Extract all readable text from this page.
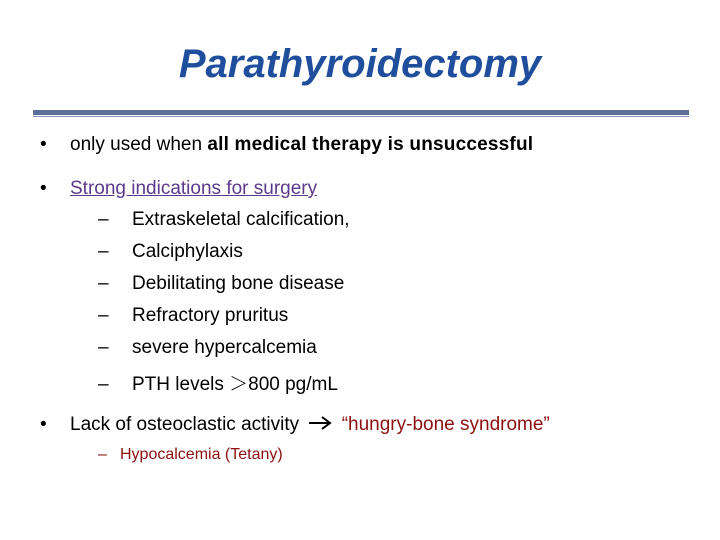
Parathyroidectomy
• only used when all medical therapy is unsuccessful
• Strong indications for surgery
– Extraskeletal calcification,
– Calciphylaxis
– Debilitating bone disease
– Refractory pruritus
– severe hypercalcemia
– PTH levels ＞800 pg/mL
• Lack of osteoclastic activity  “hungry-bone syndrome”
– Hypocalcemia (Tetany)
